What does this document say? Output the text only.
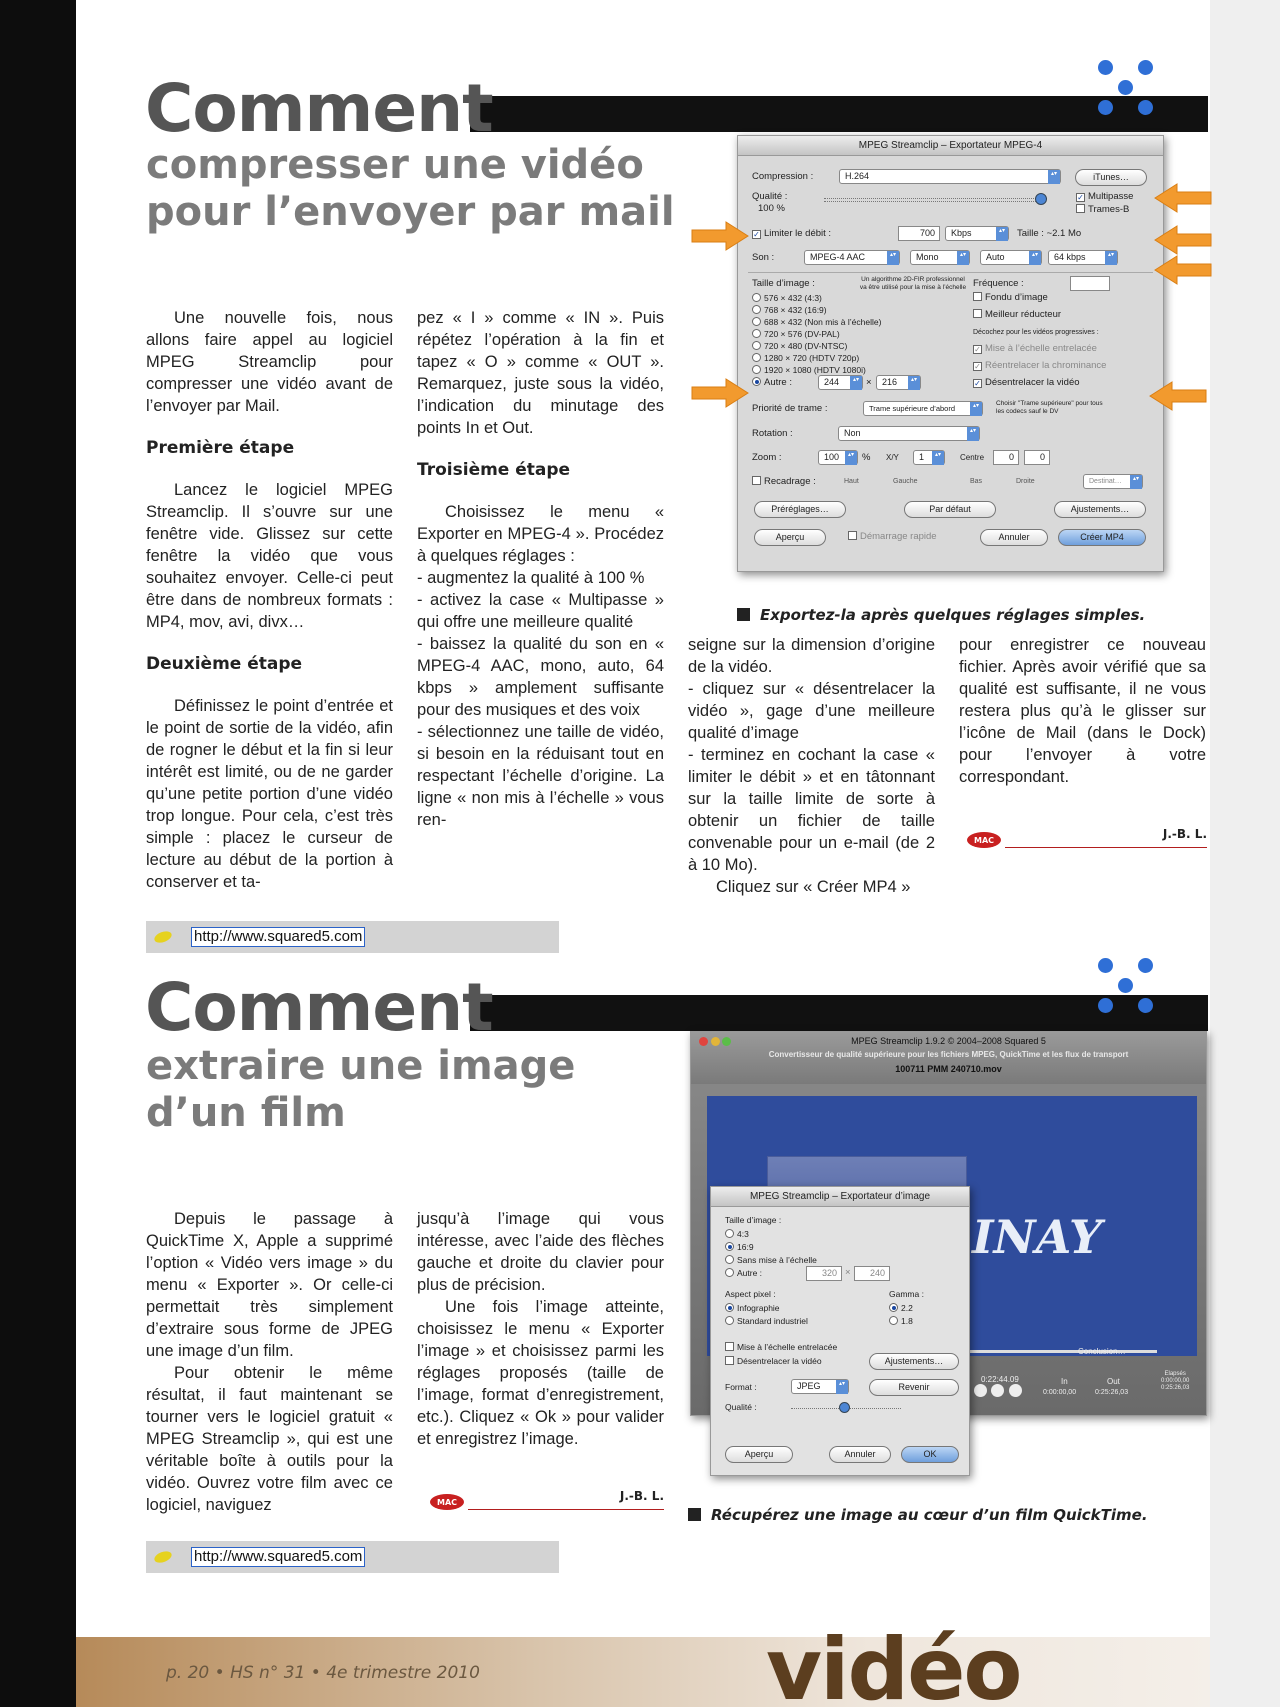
Comment
compresser une vidéo
pour l’envoyer par mail

Une nouvelle fois, nous allons faire appel au logiciel MPEG Streamclip pour compresser une vidéo avant de l’envoyer par Mail.

Première étape

Lancez le logiciel MPEG Streamclip. Il s’ouvre sur une fenêtre vide. Glissez sur cette fenêtre la vidéo que vous souhaitez envoyer. Celle-ci peut être dans de nombreux formats : MP4, mov, avi, divx…

Deuxième étape

Définissez le point d’entrée et le point de sortie de la vidéo, afin de rogner le début et la fin si leur intérêt est limité, ou de ne garder qu’une petite portion d’une vidéo trop longue. Pour cela, c’est très simple : placez le curseur de lecture au début de la portion à conserver et ta-

pez « I » comme « IN ». Puis répétez l’opération à la fin et tapez « O » comme « OUT ». Remarquez, juste sous la vidéo, l’indication du minutage des points In et Out.

Troisième étape

Choisissez le menu « Exporter en MPEG-4 ». Procédez à quelques réglages :

- augmentez la qualité à 100 %

- activez la case « Multipasse » qui offre une meilleure qualité

- baissez la qualité du son en « MPEG-4 AAC, mono, auto, 64 kbps » amplement suffisante pour des musiques et des voix

- sélectionnez une taille de vidéo, si besoin en la réduisant tout en respectant l’échelle d’origine. La ligne « non mis à l’échelle » vous ren-

seigne sur la dimension d’origine de la vidéo.

- cliquez sur « désentrelacer la vidéo », gage d’une meilleure qualité d’image

- terminez en cochant la case « limiter le débit » et en tâtonnant sur la taille limite de sorte à obtenir un fichier de taille convenable pour un e-mail (de 2 à 10 Mo).

Cliquez sur « Créer MP4 »

pour enregistrer ce nouveau fichier. Après avoir vérifié que sa qualité est suffisante, il ne vous restera plus qu’à le glisser sur l’icône de Mail (dans le Dock) pour l’envoyer à votre correspondant.

MAC	J.-B. L.
MPEG Streamclip – Exportateur MPEG-4
Compression :	H.264 ▴▾	iTunes…
Qualité :
100 %
✓ Multipasse
Trames-B
✓ Limiter le débit :	700	Kbps ▴▾	Taille : ~2.1 Mo
Son :	MPEG-4 AAC ▴▾	Mono ▴▾	Auto ▴▾	64 kbps ▴▾
Taille d’image :	Un algorithme 2D-FIR professionnel va être utilisé pour la mise à l’échelle
576 × 432 (4:3)
768 × 432 (16:9)
688 × 432 (Non mis à l’échelle)
720 × 576 (DV-PAL)
720 × 480 (DV-NTSC)
1280 × 720 (HDTV 720p)
1920 × 1080 (HDTV 1080i)
Autre :	244 ▴▾	×	216 ▴▾
Fréquence :
Fondu d’image
Meilleur réducteur
Décochez pour les vidéos progressives :
✓ Mise à l’échelle entrelacée
✓ Réentrelacer la chrominance
✓ Désentrelacer la vidéo
Priorité de trame :	Trame supérieure d’abord ▴▾
Choisir "Trame supérieure" pour tous les codecs sauf le DV
Rotation :	Non ▴▾
Zoom :	100 ▴▾	% X/Y	1 ▴▾	Centre	0	0
Recadrage :	Haut	Gauche	Bas	Droite	Destinat… ▴▾
Préréglages…	Par défaut	Ajustements…
Aperçu	Démarrage rapide	Annuler	Créer MP4
Exportez-la après quelques réglages simples.
http://www.squared5.com
Comment
extraire une image
d’un film

Depuis le passage à QuickTime X, Apple a supprimé l’option « Vidéo vers image » du menu « Exporter ». Or celle-ci permettait très simplement d’extraire sous forme de JPEG une image d’un film.

Pour obtenir le même résultat, il faut maintenant se tourner vers le logiciel gratuit « MPEG Streamclip », qui est une véritable boîte à outils pour la vidéo. Ouvrez votre film avec ce logiciel, naviguez

jusqu’à l’image qui vous intéresse, avec l’aide des flèches gauche et droite du clavier pour plus de précision.

Une fois l’image atteinte, choisissez le menu « Exporter l’image » et choisissez parmi les réglages proposés (taille de l’image, format d’enregistrement, etc.). Cliquez « Ok » pour valider et enregistrez l’image.

MAC	J.-B. L.

MPEG Streamclip 1.9.2 © 2004–2008 Squared 5
Convertisseur de qualité supérieure pour les fichiers MPEG, QuickTime et les flux de transport
100711 PMM 240710.mov
INAY
Conclusion…
0:22:44.09
	In	Out
0:00:00,00	0:25:26,03
Elapsés
0:00:00,00
0:25:26,03
MPEG Streamclip – Exportateur d’image
Taille d’image :
4:3
16:9
Sans mise à l’échelle
Autre :	320 ×	240
Aspect pixel :
Infographie
Standard industriel
Gamma :
2.2
1.8
Mise à l’échelle entrelacée
Désentrelacer la vidéo	Ajustements…
Format :	JPEG ▴▾	Revenir
Qualité :
Aperçu	Annuler	OK
Récupérez une image au cœur d’un film QuickTime.
http://www.squared5.com
p. 20 • HS n° 31 • 4e trimestre 2010	vidéo
